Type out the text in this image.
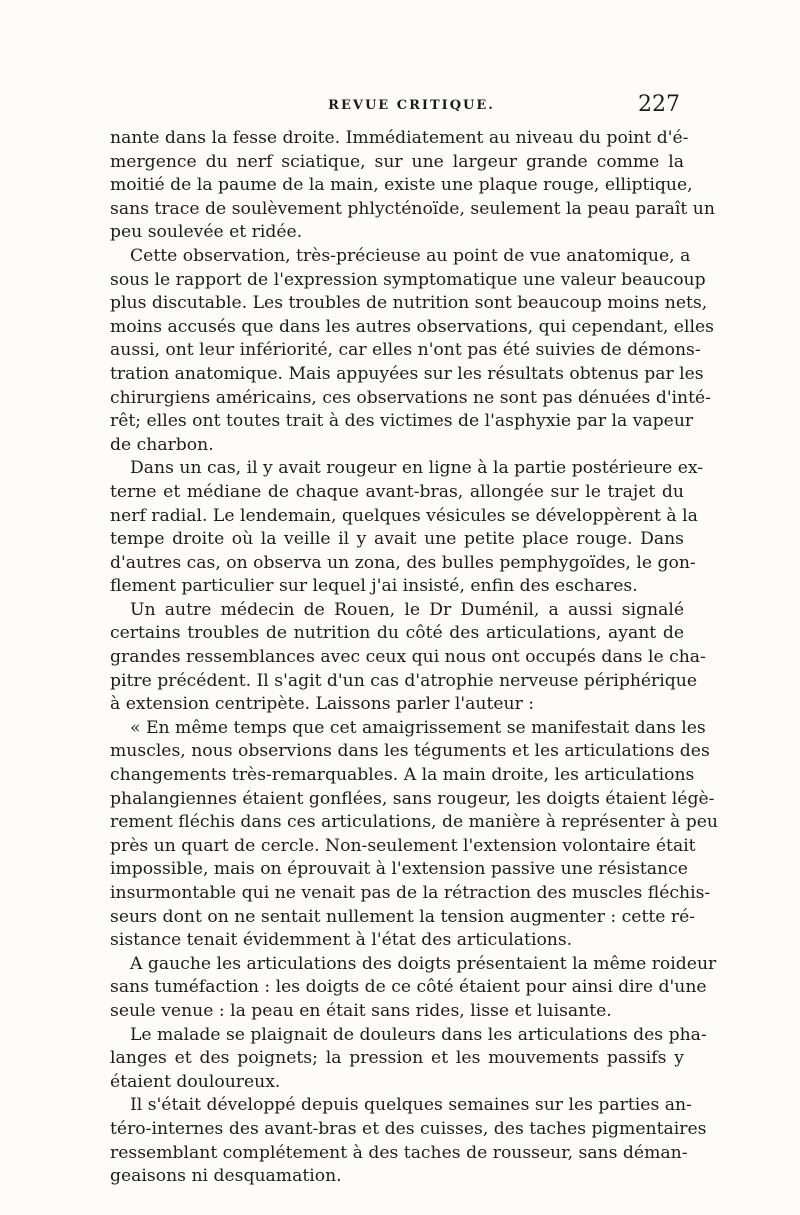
REVUE CRITIQUE.	227
nante dans la fesse droite. Immédiatement au niveau du point d'é-
mergence du nerf sciatique, sur une largeur grande comme la
moitié de la paume de la main, existe une plaque rouge, elliptique,
sans trace de soulèvement phlycténoïde, seulement la peau paraît un
peu soulevée et ridée.
Cette observation, très-précieuse au point de vue anatomique, a
sous le rapport de l'expression symptomatique une valeur beaucoup
plus discutable. Les troubles de nutrition sont beaucoup moins nets,
moins accusés que dans les autres observations, qui cependant, elles
aussi, ont leur infériorité, car elles n'ont pas été suivies de démons-
tration anatomique. Mais appuyées sur les résultats obtenus par les
chirurgiens américains, ces observations ne sont pas dénuées d'inté-
rêt; elles ont toutes trait à des victimes de l'asphyxie par la vapeur
de charbon.
Dans un cas, il y avait rougeur en ligne à la partie postérieure ex-
terne et médiane de chaque avant-bras, allongée sur le trajet du
nerf radial. Le lendemain, quelques vésicules se développèrent à la
tempe droite où la veille il y avait une petite place rouge. Dans
d'autres cas, on observa un zona, des bulles pemphygoïdes, le gon-
flement particulier sur lequel j'ai insisté, enfin des eschares.
Un autre médecin de Rouen, le Dr Duménil, a aussi signalé
certains troubles de nutrition du côté des articulations, ayant de
grandes ressemblances avec ceux qui nous ont occupés dans le cha-
pitre précédent. Il s'agit d'un cas d'atrophie nerveuse périphérique
à extension centripète. Laissons parler l'auteur :
« En même temps que cet amaigrissement se manifestait dans les
muscles, nous observions dans les téguments et les articulations des
changements très-remarquables. A la main droite, les articulations
phalangiennes étaient gonflées, sans rougeur, les doigts étaient légè-
rement fléchis dans ces articulations, de manière à représenter à peu
près un quart de cercle. Non-seulement l'extension volontaire était
impossible, mais on éprouvait à l'extension passive une résistance
insurmontable qui ne venait pas de la rétraction des muscles fléchis-
seurs dont on ne sentait nullement la tension augmenter : cette ré-
sistance tenait évidemment à l'état des articulations.
A gauche les articulations des doigts présentaient la même roideur
sans tuméfaction : les doigts de ce côté étaient pour ainsi dire d'une
seule venue : la peau en était sans rides, lisse et luisante.
Le malade se plaignait de douleurs dans les articulations des pha-
langes et des poignets; la pression et les mouvements passifs y
étaient douloureux.
Il s'était développé depuis quelques semaines sur les parties an-
téro-internes des avant-bras et des cuisses, des taches pigmentaires
ressemblant complétement à des taches de rousseur, sans déman-
geaisons ni desquamation.
